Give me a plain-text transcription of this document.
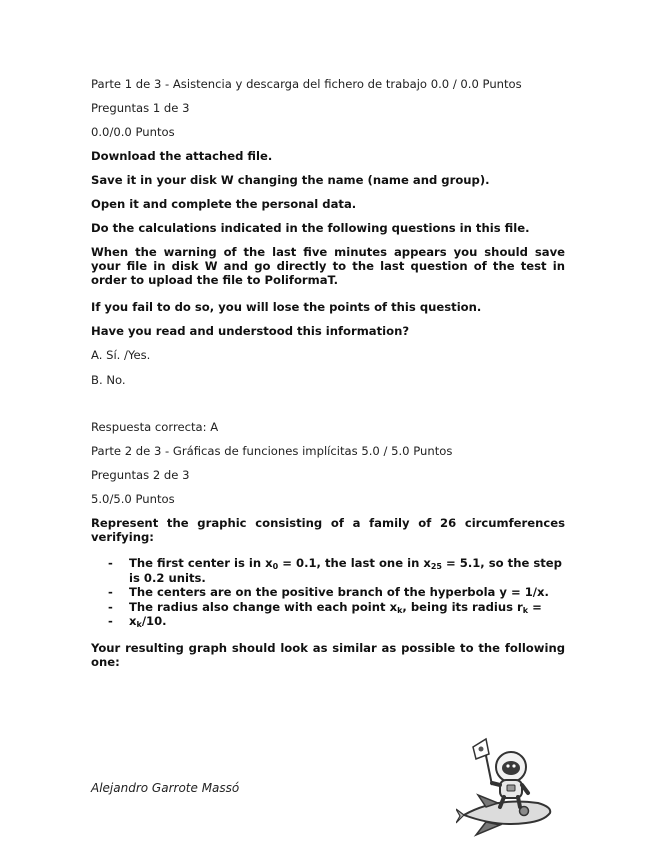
Parte 1 de 3 - Asistencia y descarga del fichero de trabajo 0.0 / 0.0 Puntos
Preguntas 1 de 3
0.0/0.0 Puntos
Download the attached file.
Save it in your disk W changing the name (name and group).
Open it and complete the personal data.
Do the calculations indicated in the following questions in this file.
When the warning of the last five minutes appears you should save your file in disk W and go directly to the last question of the test in order to upload the file to PoliformaT.
If you fail to do so, you will lose the points of this question.
Have you read and understood this information?
A. Sí. /Yes.
B. No.
Respuesta correcta: A
Parte 2 de 3 - Gráficas de funciones implícitas 5.0 / 5.0 Puntos
Preguntas 2 de 3
5.0/5.0 Puntos
Represent the graphic consisting of a family of 26 circumferences verifying:
- The first center is in $x_0 = 0.1$, the last one in $x_{25} = 5.1$, so the step is 0.2 units.
- The centers are on the positive branch of the hyperbola y = 1/x.
- The radius also change with each point $x_k$, being its radius $r_k$ =
- $x_k/10$.
Your resulting graph should look as similar as possible to the following one:
Alejandro Garrote Massó
